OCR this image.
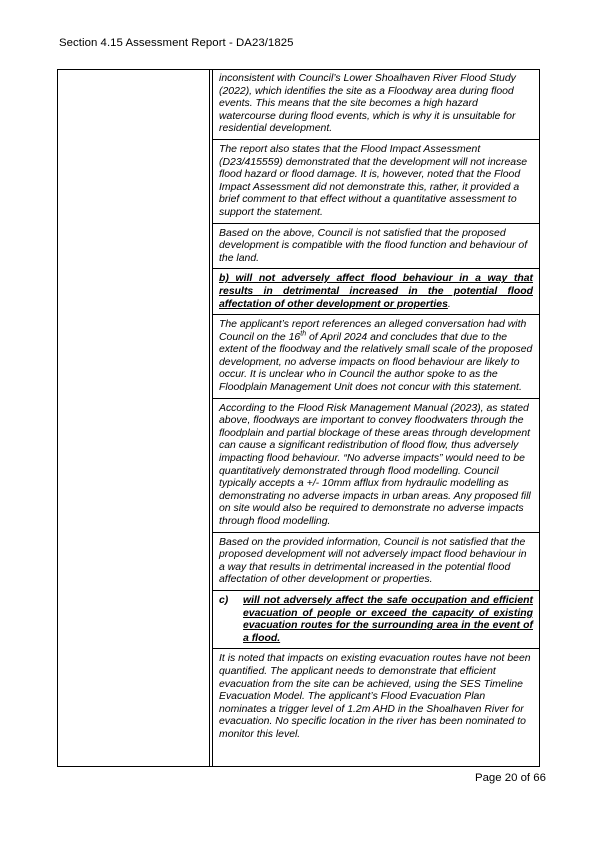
Section 4.15 Assessment Report - DA23/1825

inconsistent with Council’s Lower Shoalhaven River Flood Study (2022), which identifies the site as a Floodway area during flood events. This means that the site becomes a high hazard watercourse during flood events, which is why it is unsuitable for residential development.

The report also states that the Flood Impact Assessment (D23/415559) demonstrated that the development will not increase flood hazard or flood damage. It is, however, noted that the Flood Impact Assessment did not demonstrate this, rather, it provided a brief comment to that effect without a quantitative assessment to support the statement.

Based on the above, Council is not satisfied that the proposed development is compatible with the flood function and behaviour of the land.

b) will not adversely affect flood behaviour in a way that results in detrimental increased in the potential flood affectation of other development or properties.

The applicant’s report references an alleged conversation had with Council on the 16th of April 2024 and concludes that due to the extent of the floodway and the relatively small scale of the proposed development, no adverse impacts on flood behaviour are likely to occur. It is unclear who in Council the author spoke to as the Floodplain Management Unit does not concur with this statement.

According to the Flood Risk Management Manual (2023), as stated above, floodways are important to convey floodwaters through the floodplain and partial blockage of these areas through development can cause a significant redistribution of flood flow, thus adversely impacting flood behaviour. “No adverse impacts” would need to be quantitatively demonstrated through flood modelling. Council typically accepts a +/- 10mm afflux from hydraulic modelling as demonstrating no adverse impacts in urban areas. Any proposed fill on site would also be required to demonstrate no adverse impacts through flood modelling.

Based on the provided information, Council is not satisfied that the proposed development will not adversely impact flood behaviour in a way that results in detrimental increased in the potential flood affectation of other development or properties.

c)	will not adversely affect the safe occupation and efficient evacuation of people or exceed the capacity of existing evacuation routes for the surrounding area in the event of a flood.

It is noted that impacts on existing evacuation routes have not been quantified. The applicant needs to demonstrate that efficient evacuation from the site can be achieved, using the SES Timeline Evacuation Model. The applicant’s Flood Evacuation Plan nominates a trigger level of 1.2m AHD in the Shoalhaven River for evacuation. No specific location in the river has been nominated to monitor this level.

Page 20 of 66
